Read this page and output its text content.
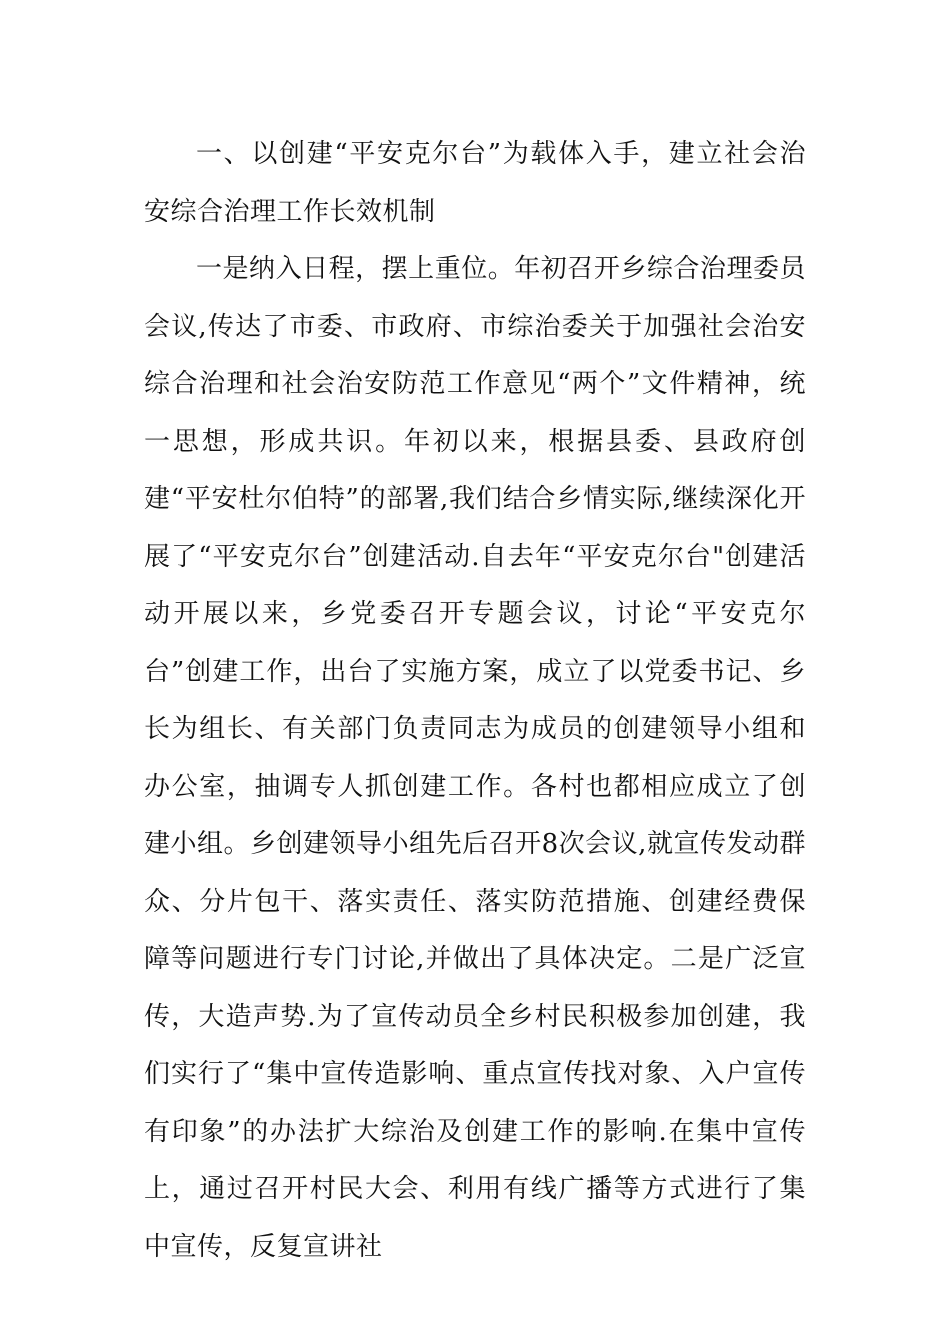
一、以创建“平安克尔台”为载体入手，建立社会治安综合治理工作长效机制

一是纳入日程，摆上重位。年初召开乡综合治理委员会议,传达了市委、市政府、市综治委关于加强社会治安综合治理和社会治安防范工作意见“两个”文件精神，统一思想，形成共识。年初以来，根据县委、县政府创建“平安杜尔伯特”的部署,我们结合乡情实际,继续深化开展了“平安克尔台”创建活动.自去年“平安克尔台"创建活动开展以来，乡党委召开专题会议，讨论“平安克尔台”创建工作，出台了实施方案，成立了以党委书记、乡长为组长、有关部门负责同志为成员的创建领导小组和办公室，抽调专人抓创建工作。各村也都相应成立了创建小组。乡创建领导小组先后召开8次会议,就宣传发动群众、分片包干、落实责任、落实防范措施、创建经费保障等问题进行专门讨论,并做出了具体决定。二是广泛宣传，大造声势.为了宣传动员全乡村民积极参加创建，我们实行了“集中宣传造影响、重点宣传找对象、入户宣传有印象”的办法扩大综治及创建工作的影响.在集中宣传上，通过召开村民大会、利用有线广播等方式进行了集中宣传，反复宣讲社
